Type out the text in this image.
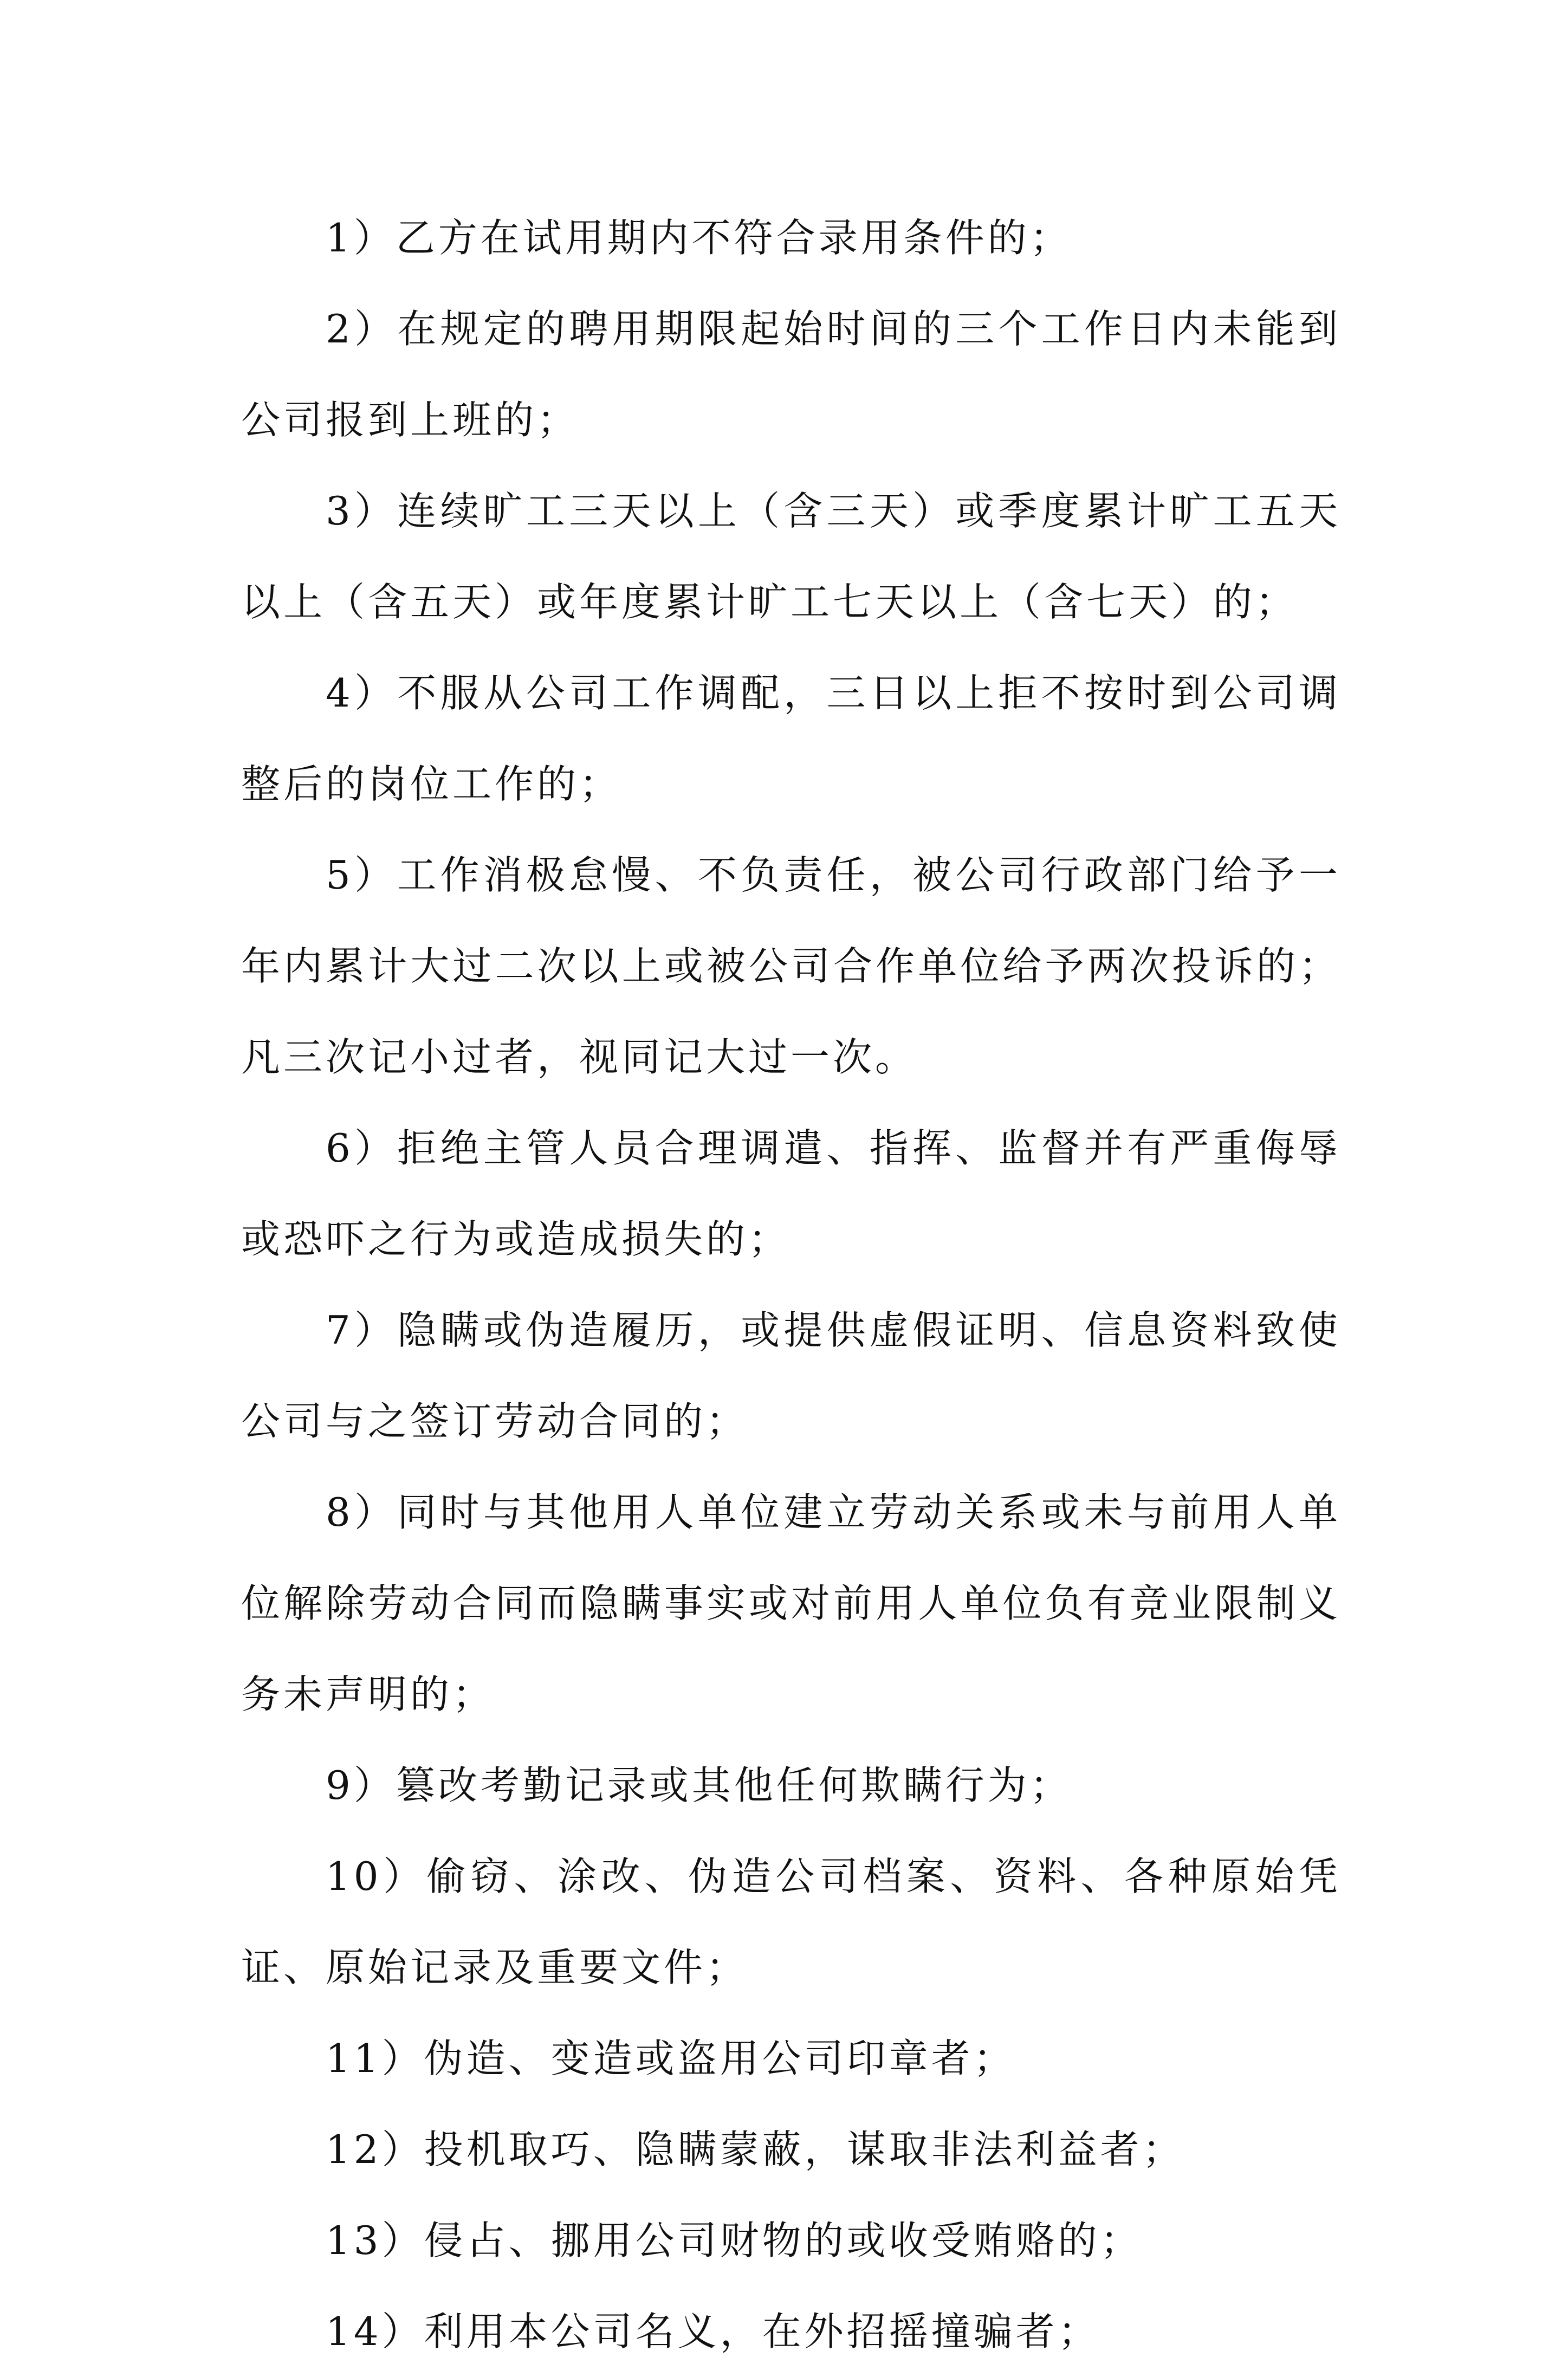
1）乙方在试用期内不符合录用条件的；

2）在规定的聘用期限起始时间的三个工作日内未能到公司报到上班的；

3）连续旷工三天以上（含三天）或季度累计旷工五天以上（含五天）或年度累计旷工七天以上（含七天）的；

4）不服从公司工作调配，三日以上拒不按时到公司调整后的岗位工作的；

5）工作消极怠慢、不负责任，被公司行政部门给予一年内累计大过二次以上或被公司合作单位给予两次投诉的；凡三次记小过者，视同记大过一次。

6）拒绝主管人员合理调遣、指挥、监督并有严重侮辱或恐吓之行为或造成损失的；

7）隐瞒或伪造履历，或提供虚假证明、信息资料致使公司与之签订劳动合同的；

8）同时与其他用人单位建立劳动关系或未与前用人单位解除劳动合同而隐瞒事实或对前用人单位负有竞业限制义务未声明的；

9）篡改考勤记录或其他任何欺瞒行为；

10）偷窃、涂改、伪造公司档案、资料、各种原始凭证、原始记录及重要文件；

11）伪造、变造或盗用公司印章者；

12）投机取巧、隐瞒蒙蔽，谋取非法利益者；

13）侵占、挪用公司财物的或收受贿赂的；

14）利用本公司名义，在外招摇撞骗者；
